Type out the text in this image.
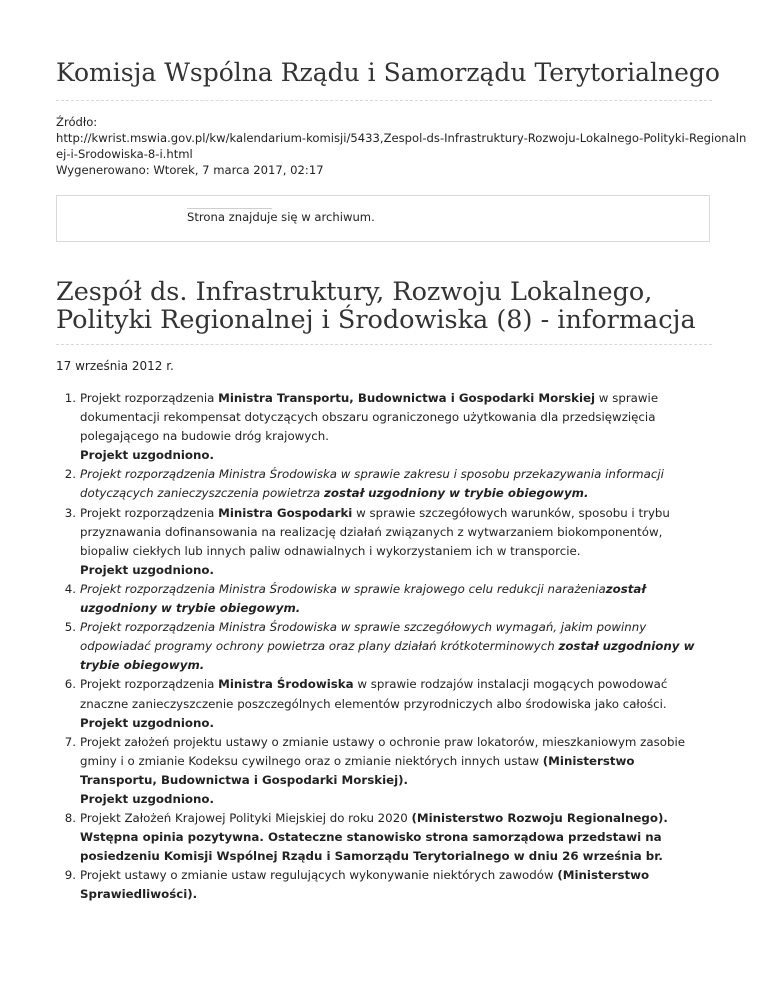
Komisja Wspólna Rządu i Samorządu Terytorialnego
Źródło:
http://kwrist.mswia.gov.pl/kw/kalendarium-komisji/5433,Zespol-ds-Infrastruktury-Rozwoju-Lokalnego-Polityki-Regionaln
ej-i-Srodowiska-8-i.html
Wygenerowano: Wtorek, 7 marca 2017, 02:17
Strona znajduje się w archiwum.
Zespół ds. Infrastruktury, Rozwoju Lokalnego,
Polityki Regionalnej i Środowiska (8) - informacja
17 września 2012 r.
Projekt rozporządzenia Ministra Transportu, Budownictwa i Gospodarki Morskiej w sprawie
dokumentacji rekompensat dotyczących obszaru ograniczonego użytkowania dla przedsięwzięcia
polegającego na budowie dróg krajowych.
Projekt uzgodniono.
Projekt rozporządzenia Ministra Środowiska w sprawie zakresu i sposobu przekazywania informacji
dotyczących zanieczyszczenia powietrza został uzgodniony w trybie obiegowym.
Projekt rozporządzenia Ministra Gospodarki w sprawie szczegółowych warunków, sposobu i trybu
przyznawania dofinansowania na realizację działań związanych z wytwarzaniem biokomponentów,
biopaliw ciekłych lub innych paliw odnawialnych i wykorzystaniem ich w transporcie.
Projekt uzgodniono.
Projekt rozporządzenia Ministra Środowiska w sprawie krajowego celu redukcji narażeniazostał
uzgodniony w trybie obiegowym.
Projekt rozporządzenia Ministra Środowiska w sprawie szczegółowych wymagań, jakim powinny
odpowiadać programy ochrony powietrza oraz plany działań krótkoterminowych został uzgodniony w
trybie obiegowym.
Projekt rozporządzenia Ministra Środowiska w sprawie rodzajów instalacji mogących powodować
znaczne zanieczyszczenie poszczególnych elementów przyrodniczych albo środowiska jako całości.
Projekt uzgodniono.
Projekt założeń projektu ustawy o zmianie ustawy o ochronie praw lokatorów, mieszkaniowym zasobie
gminy i o zmianie Kodeksu cywilnego oraz o zmianie niektórych innych ustaw (Ministerstwo
Transportu, Budownictwa i Gospodarki Morskiej).
Projekt uzgodniono.
Projekt Założeń Krajowej Polityki Miejskiej do roku 2020 (Ministerstwo Rozwoju Regionalnego).
Wstępna opinia pozytywna. Ostateczne stanowisko strona samorządowa przedstawi na
posiedzeniu Komisji Wspólnej Rządu i Samorządu Terytorialnego w dniu 26 września br.
Projekt ustawy o zmianie ustaw regulujących wykonywanie niektórych zawodów (Ministerstwo
Sprawiedliwości).
